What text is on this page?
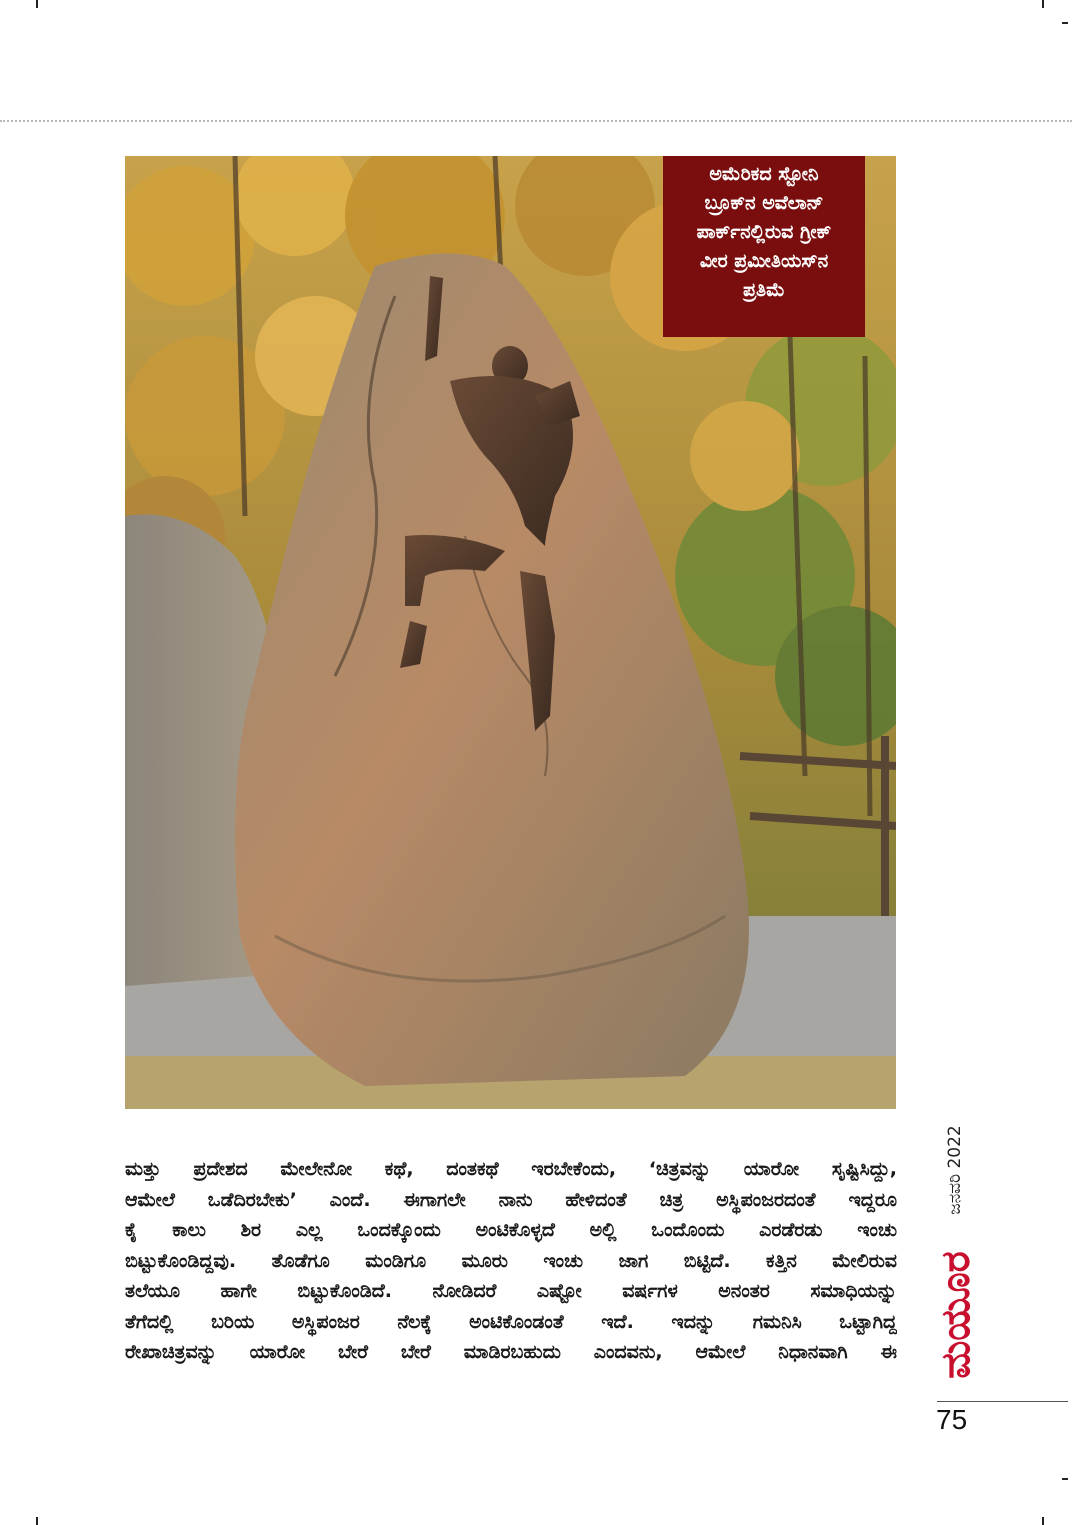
ಅಮೆರಿಕದ ಸ್ಟೋನಿ
ಬ್ರೂಕ್‌ನ ಅವೆಲಾನ್
ಪಾರ್ಕ್‌ನಲ್ಲಿರುವ ಗ್ರೀಕ್
ವೀರ ಪ್ರಮೀತಿಯಸ್‌ನ
ಪ್ರತಿಮೆ
ಮತ್ತು ಪ್ರದೇಶದ ಮೇಲೇನೋ ಕಥೆ, ದಂತಕಥೆ ಇರಬೇಕೆಂದು, ‘ಚಿತ್ರವನ್ನು ಯಾರೋ ಸೃಷ್ಟಿಸಿದ್ದು,
ಆಮೇಲೆ ಒಡೆದಿರಬೇಕು’ ಎಂದೆ. ಈಗಾಗಲೇ ನಾನು ಹೇಳಿದಂತೆ ಚಿತ್ರ ಅಸ್ಥಿಪಂಜರದಂತೆ ಇದ್ದರೂ
ಕೈ ಕಾಲು ಶಿರ ಎಲ್ಲ ಒಂದಕ್ಕೊಂದು ಅಂಟಿಕೊಳ್ಳದೆ ಅಲ್ಲಿ ಒಂದೊಂದು ಎರಡೆರಡು ಇಂಚು
ಬಿಟ್ಟುಕೊಂಡಿದ್ದವು. ತೊಡೆಗೂ ಮಂಡಿಗೂ ಮೂರು ಇಂಚು ಜಾಗ ಬಿಟ್ಟಿದೆ. ಕತ್ತಿನ ಮೇಲಿರುವ
ತಲೆಯೂ ಹಾಗೇ ಬಿಟ್ಟುಕೊಂಡಿದೆ. ನೋಡಿದರೆ ಎಷ್ಟೋ ವರ್ಷಗಳ ಅನಂತರ ಸಮಾಧಿಯನ್ನು
ತೆಗೆದಲ್ಲಿ ಬರಿಯ ಅಸ್ಥಿಪಂಜರ ನೆಲಕ್ಕೆ ಅಂಟಿಕೊಂಡಂತೆ ಇದೆ. ಇದನ್ನು ಗಮನಿಸಿ ಒಟ್ಟಾಗಿದ್ದ
ರೇಖಾಚಿತ್ರವನ್ನು ಯಾರೋ ಬೇರೆ ಬೇರೆ ಮಾಡಿರಬಹುದು ಎಂದವನು, ಆಮೇಲೆ ನಿಧಾನವಾಗಿ ಈ
ಜನವರಿ 2022
ಮಯೂರ
75
